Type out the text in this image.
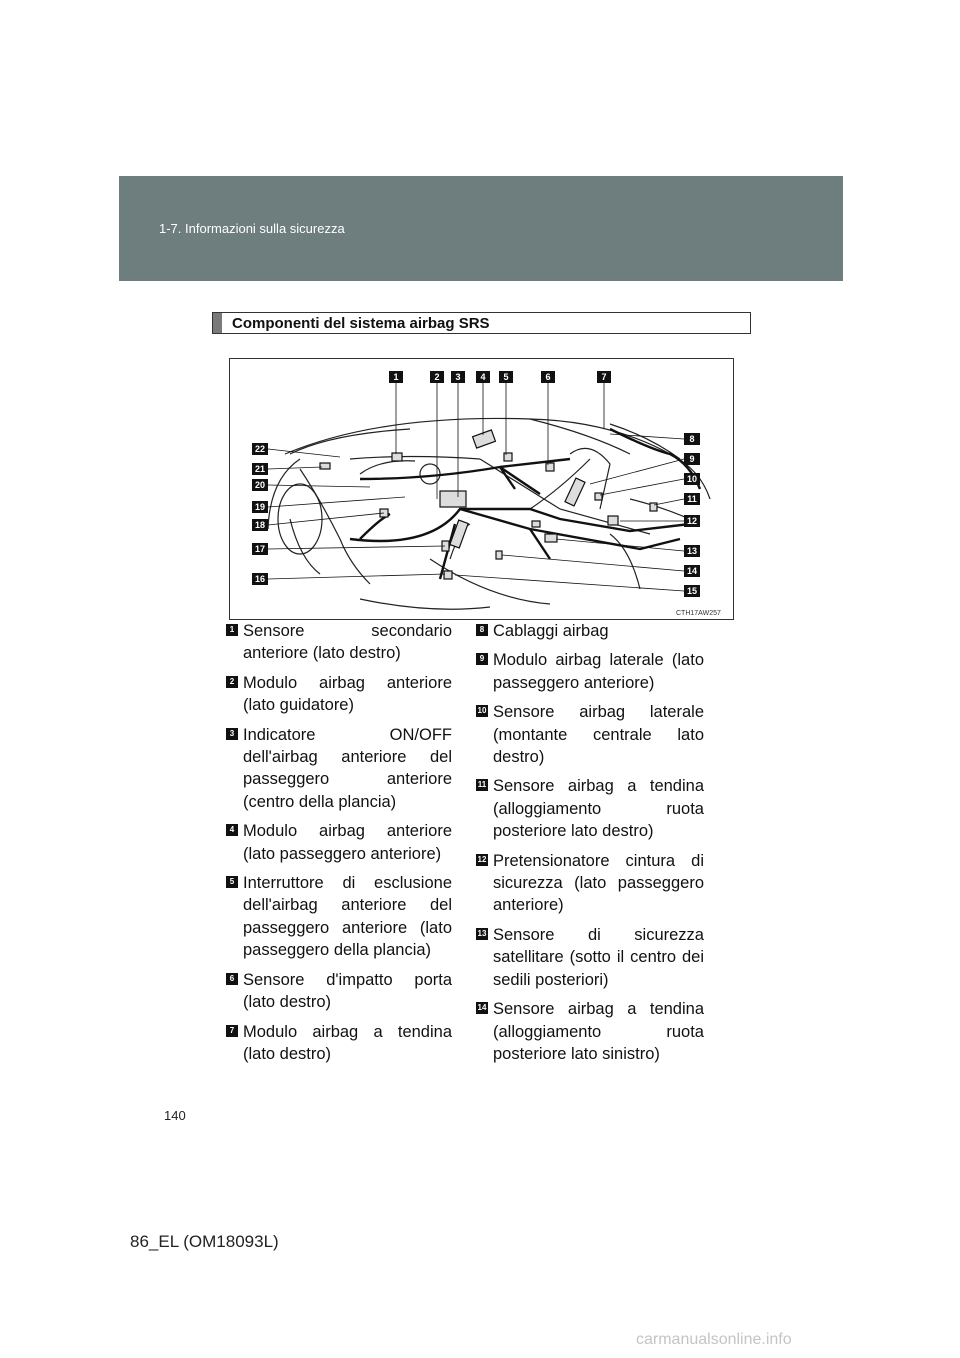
1-7. Informazioni sulla sicurezza
Componenti del sistema airbag SRS
1	2 3 4 5	6	7
8
9
10
11
12
13
14
15
22
21
20
19
18
17
16
CTH17AW257
1 Sensore secondario anteriore (lato destro)
2 Modulo airbag anteriore (lato guidatore)
3 Indicatore ON/OFF dell'airbag anteriore del passeggero anteriore (centro della plancia)
4 Modulo airbag anteriore (lato passeggero anteriore)
5 Interruttore di esclusione dell'airbag anteriore del passeggero anteriore (lato passeggero della plancia)
6 Sensore d'impatto porta (lato destro)
7 Modulo airbag a tendina (lato destro)
8 Cablaggi airbag
9 Modulo airbag laterale (lato passeggero anteriore)
10 Sensore airbag laterale (montante centrale lato destro)
11 Sensore airbag a tendina (alloggiamento ruota posteriore lato destro)
12 Pretensionatore cintura di sicurezza (lato passeggero anteriore)
13 Sensore di sicurezza satellitare (sotto il centro dei sedili posteriori)
14 Sensore airbag a tendina (alloggiamento ruota posteriore lato sinistro)
140
86_EL (OM18093L)
carmanualsonline.info
